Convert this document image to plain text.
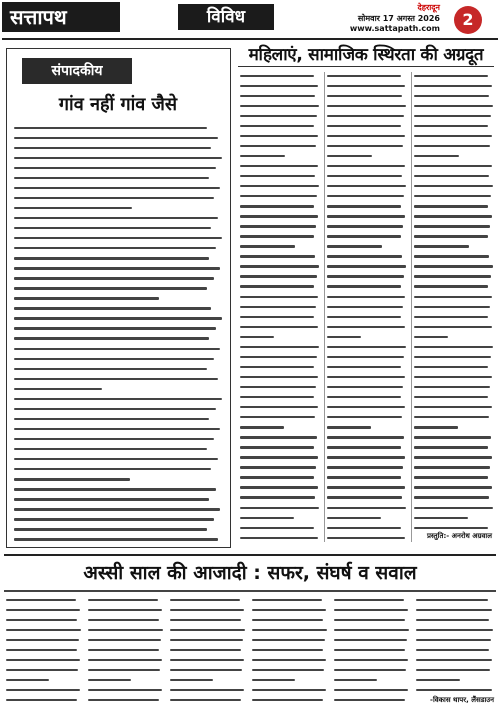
सत्तापथ	विविध	देहरादून
सोमवार 17 अगस्त 2026
www.sattapath.com	2
संपादकीय
गांव नहीं गांव जैसे
महिलाएं, सामाजिक स्थिरता की अग्रदूत
प्रस्तुति:- अनरोध अग्रवाल
अस्सी साल की आजादी : सफर, संघर्ष व सवाल
-विकास थापर, लैंसडाउन
